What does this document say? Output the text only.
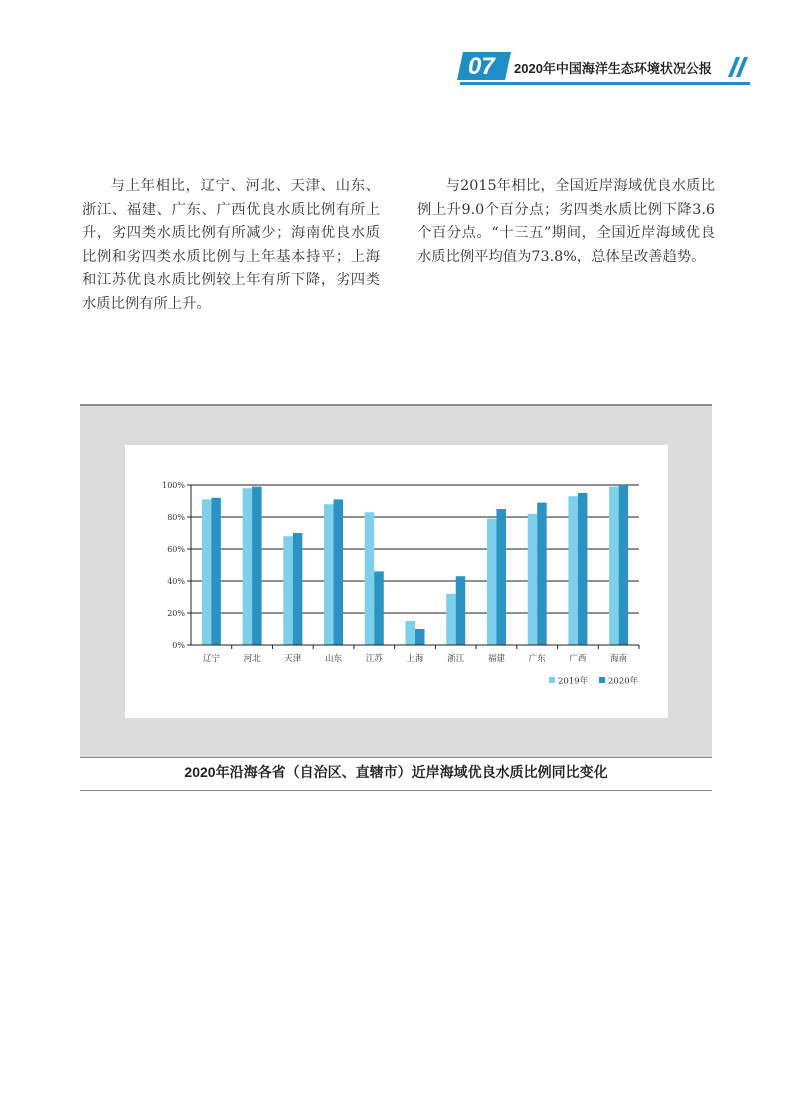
07 2020年中国海洋生态环境状况公报

与上年相比，辽宁、河北、天津、山东、浙江、福建、广东、广西优良水质比例有所上升，劣四类水质比例有所减少；海南优良水质比例和劣四类水质比例与上年基本持平；上海和江苏优良水质比例较上年有所下降，劣四类水质比例有所上升。

与2015年相比，全国近岸海域优良水质比例上升9.0个百分点；劣四类水质比例下降3.6个百分点。“十三五”期间，全国近岸海域优良水质比例平均值为73.8%，总体呈改善趋势。

0%
20%
40%
60%
80%
100%
辽宁	河北	天津	山东	江苏	上海	浙江	福建	广东	广西	海南
2019年 2020年
2020年沿海各省（自治区、直辖市）近岸海域优良水质比例同比变化
